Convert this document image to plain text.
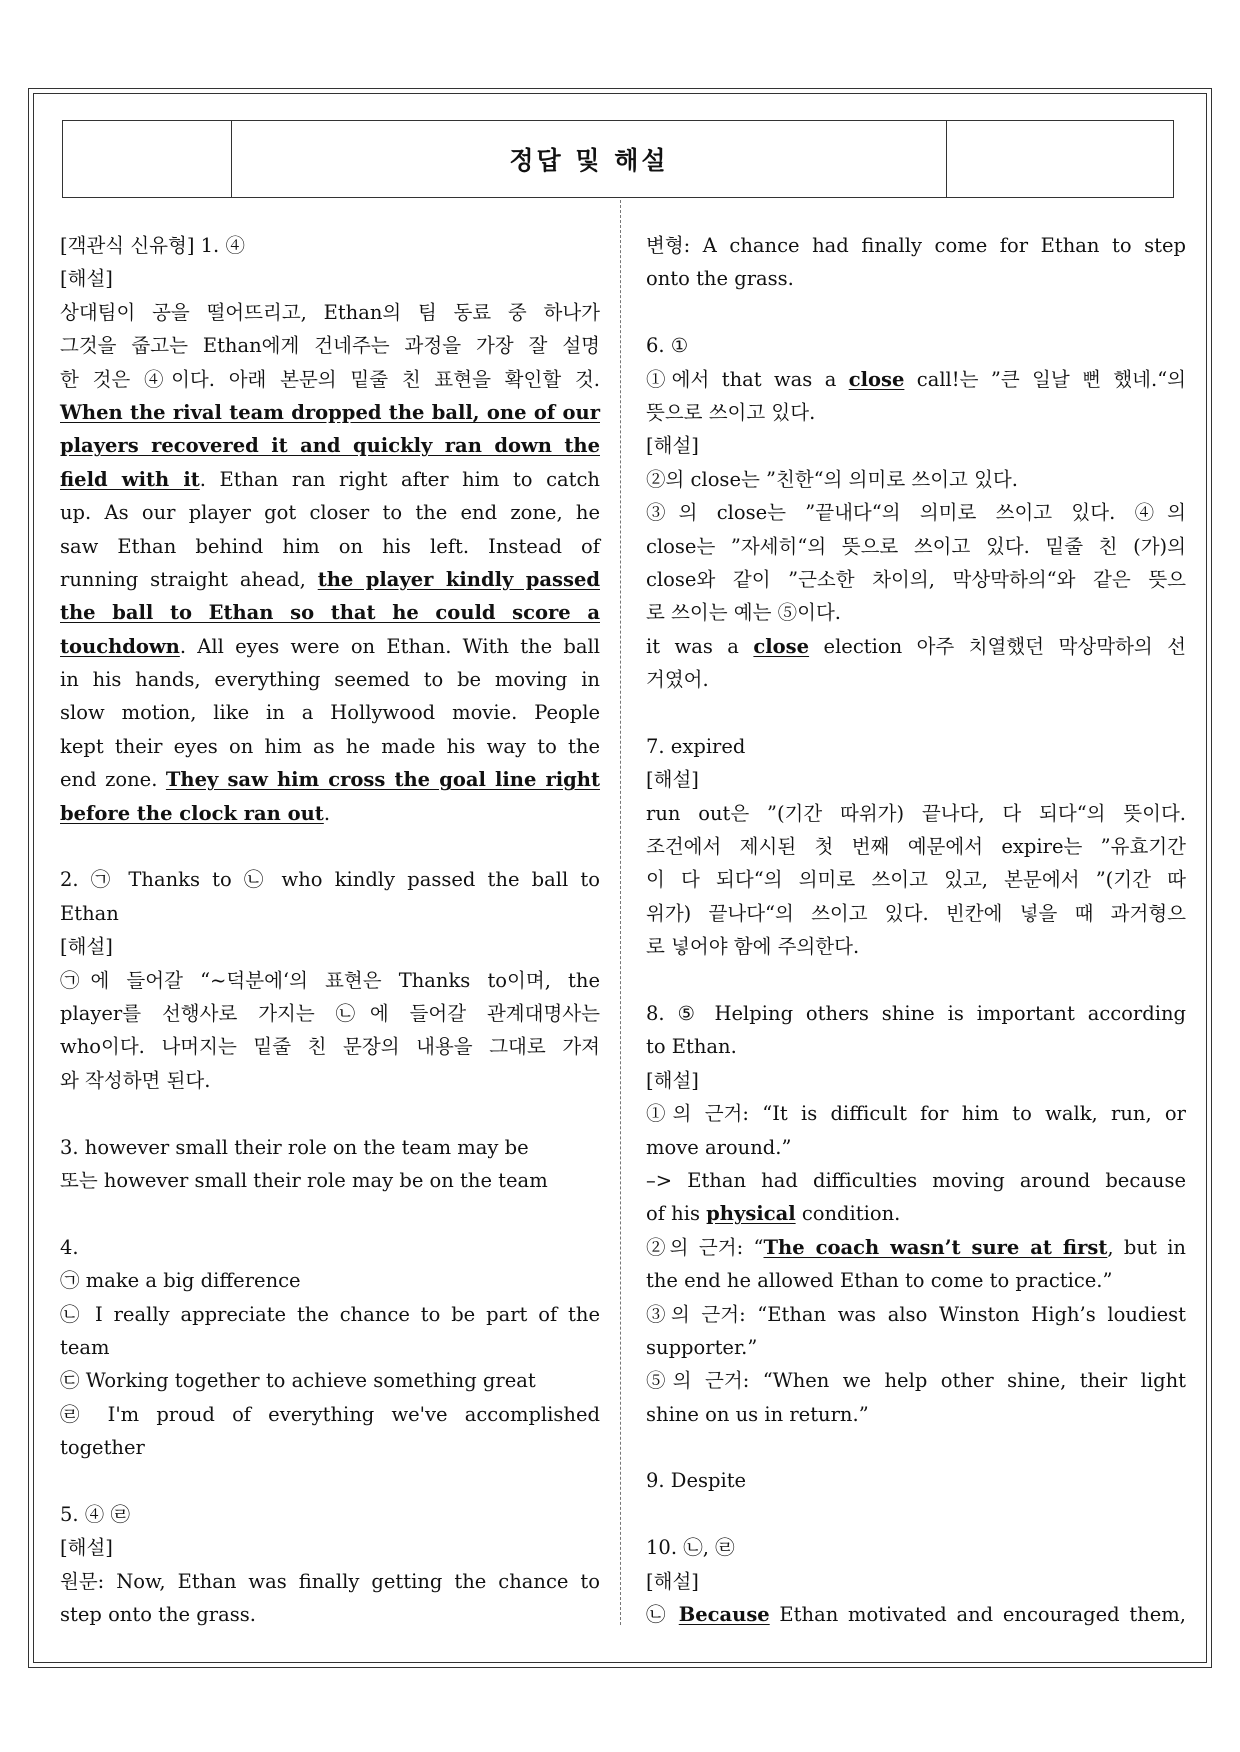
정답 및 해설
[객관식 신유형] 1. ④
[해설]
상대팀이 공을 떨어뜨리고, Ethan의 팀 동료 중 하나가
그것을 줍고는 Ethan에게 건네주는 과정을 가장 잘 설명
한 것은 ④이다. 아래 본문의 밑줄 친 표현을 확인할 것.
When the rival team dropped the ball, one of our
players recovered it and quickly ran down the
field with it. Ethan ran right after him to catch
up. As our player got closer to the end zone, he
saw Ethan behind him on his left. Instead of
running straight ahead, the player kindly passed
the ball to Ethan so that he could score a
touchdown. All eyes were on Ethan. With the ball
in his hands, everything seemed to be moving in
slow motion, like in a Hollywood movie. People
kept their eyes on him as he made his way to the
end zone. They saw him cross the goal line right
before the clock ran out.
2. ㉠ Thanks to ㉡ who kindly passed the ball to
Ethan
[해설]
㉠에 들어갈 “~덕분에‘의 표현은 Thanks to이며, the
player를 선행사로 가지는 ㉡에 들어갈 관계대명사는
who이다. 나머지는 밑줄 친 문장의 내용을 그대로 가져
와 작성하면 된다.
3. however small their role on the team may be
또는 however small their role may be on the team
4.
㉠ make a big difference
㉡ I really appreciate the chance to be part of the
team
㉢ Working together to achieve something great
㉣ I'm proud of everything we've accomplished
together
5. ④ ㉣
[해설]
원문: Now, Ethan was finally getting the chance to
step onto the grass.
변형: A chance had finally come for Ethan to step
onto the grass.
6. ①
①에서 that was a close call!는 ”큰 일날 뻔 했네.“의
뜻으로 쓰이고 있다.
[해설]
②의 close는 ”친한“의 의미로 쓰이고 있다.
③의 close는 ”끝내다“의 의미로 쓰이고 있다. ④의
close는 ”자세히“의 뜻으로 쓰이고 있다. 밑줄 친 (가)의
close와 같이 ”근소한 차이의, 막상막하의“와 같은 뜻으
로 쓰이는 예는 ⑤이다.
it was a close election 아주 치열했던 막상막하의 선
거였어.
7. expired
[해설]
run out은 ”(기간 따위가) 끝나다, 다 되다“의 뜻이다.
조건에서 제시된 첫 번째 예문에서 expire는 ”유효기간
이 다 되다“의 의미로 쓰이고 있고, 본문에서 ”(기간 따
위가) 끝나다“의 쓰이고 있다. 빈칸에 넣을 때 과거형으
로 넣어야 함에 주의한다.
8. ⑤ Helping others shine is important according
to Ethan.
[해설]
①의 근거: “It is difficult for him to walk, run, or
move around.”
–> Ethan had difficulties moving around because
of his physical condition.
②의 근거: “The coach wasn’t sure at first, but in
the end he allowed Ethan to come to practice.”
③의 근거: “Ethan was also Winston High’s loudiest
supporter.”
⑤의 근거: “When we help other shine, their light
shine on us in return.”
9. Despite
10. ㉡, ㉣
[해설]
㉡ Because Ethan motivated and encouraged them,
